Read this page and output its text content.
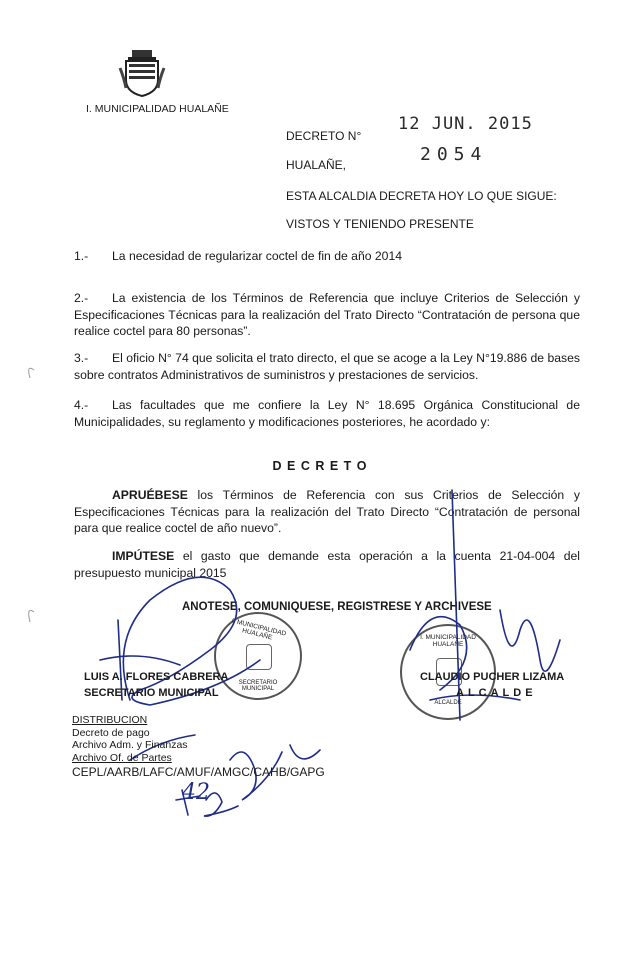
I. MUNICIPALIDAD HUALAÑE
DECRETO N°
12 JUN. 2015
HUALAÑE,	2054
ESTA ALCALDIA DECRETA HOY LO QUE SIGUE:
VISTOS Y TENIENDO PRESENTE
1.- La necesidad de regularizar coctel de fin de año 2014
2.- La existencia de los Términos de Referencia que incluye Criterios de Selección y Especificaciones Técnicas para la realización del Trato Directo “Contratación de persona que realice coctel para 80 personas”.
3.- El oficio N° 74 que solicita el trato directo, el que se acoge a la Ley N°19.886 de bases sobre contratos Administrativos de suministros y prestaciones de servicios.
4.- Las facultades que me confiere la Ley N° 18.695 Orgánica Constitucional de Municipalidades, su reglamento y modificaciones posteriores, he acordado y:
D E C R E T O
APRUÉBESE los Términos de Referencia con sus Criterios de Selección y Especificaciones Técnicas para la realización del Trato Directo “Contratación de personal para que realice coctel de año nuevo”.
IMPÚTESE el gasto que demande esta operación a la cuenta 21-04-004 del presupuesto municipal 2015
ANOTESE, COMUNIQUESE, REGISTRESE Y ARCHIVESE
I. MUNICIPALIDAD HUALAÑE
SECRETARIO MUNICIPAL
I. MUNICIPALIDAD HUALAÑE
ALCALDE
LUIS A. FLORES CABRERA
SECRETARIO MUNICIPAL
CLAUDIO PUCHER LIZAMA
ALCALDE
DISTRIBUCION
Decreto de pago
Archivo Adm. y Finanzas
Archivo Of. de Partes
CEPL/AARB/LAFC/AMUF/AMGC/CAHB/GAPG
42
